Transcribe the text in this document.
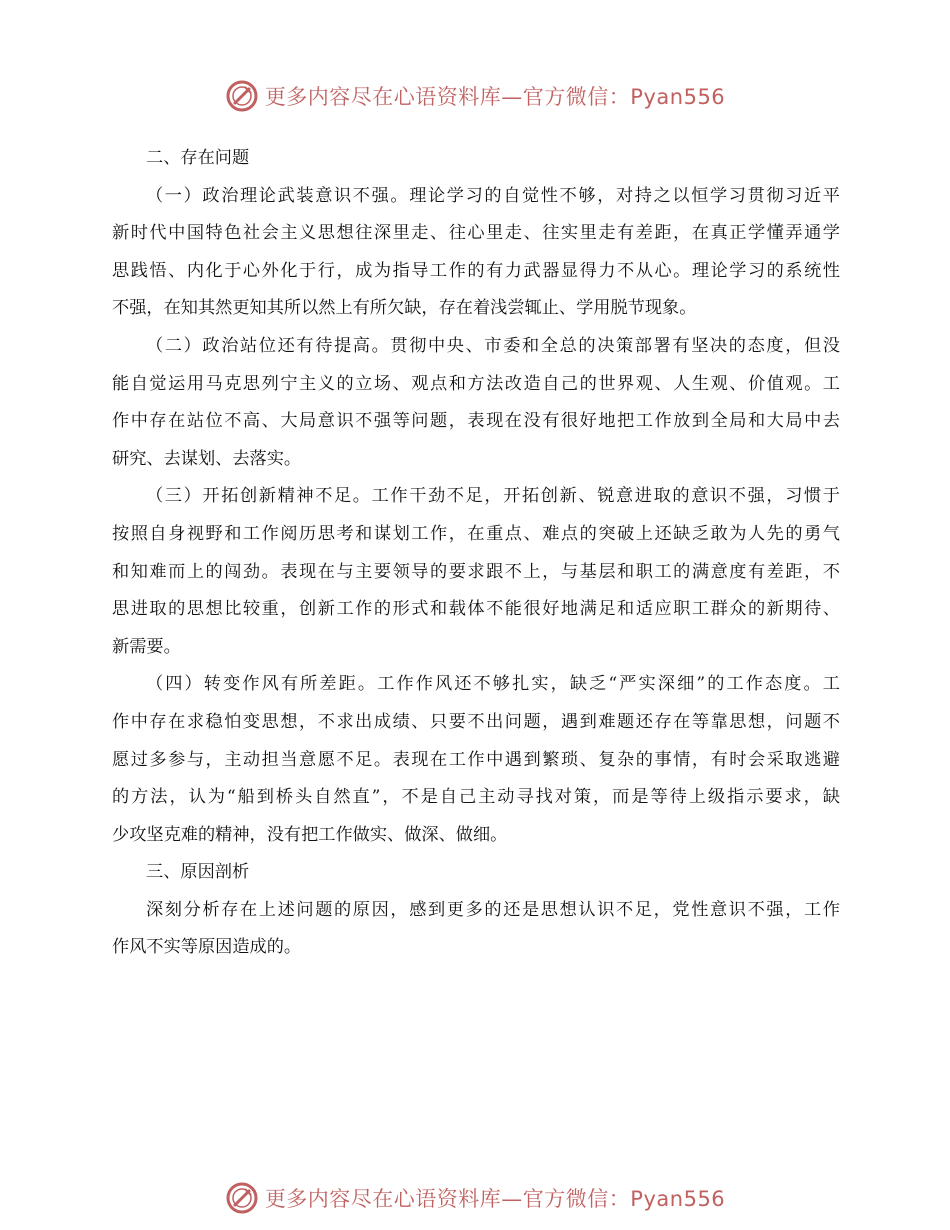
更多内容尽在心语资料库—官方微信：Pyan556
二、存在问题
（一）政治理论武装意识不强。理论学习的自觉性不够，对持之以恒学习贯彻习近平
新时代中国特色社会主义思想往深里走、往心里走、往实里走有差距，在真正学懂弄通学
思践悟、内化于心外化于行，成为指导工作的有力武器显得力不从心。理论学习的系统性
不强，在知其然更知其所以然上有所欠缺，存在着浅尝辄止、学用脱节现象。
（二）政治站位还有待提高。贯彻中央、市委和全总的决策部署有坚决的态度，但没
能自觉运用马克思列宁主义的立场、观点和方法改造自己的世界观、人生观、价值观。工
作中存在站位不高、大局意识不强等问题，表现在没有很好地把工作放到全局和大局中去
研究、去谋划、去落实。
（三）开拓创新精神不足。工作干劲不足，开拓创新、锐意进取的意识不强，习惯于
按照自身视野和工作阅历思考和谋划工作，在重点、难点的突破上还缺乏敢为人先的勇气
和知难而上的闯劲。表现在与主要领导的要求跟不上，与基层和职工的满意度有差距，不
思进取的思想比较重，创新工作的形式和载体不能很好地满足和适应职工群众的新期待、
新需要。
（四）转变作风有所差距。工作作风还不够扎实，缺乏“严实深细”的工作态度。工
作中存在求稳怕变思想，不求出成绩、只要不出问题，遇到难题还存在等靠思想，问题不
愿过多参与，主动担当意愿不足。表现在工作中遇到繁琐、复杂的事情，有时会采取逃避
的方法，认为“船到桥头自然直”，不是自己主动寻找对策，而是等待上级指示要求，缺
少攻坚克难的精神，没有把工作做实、做深、做细。
三、原因剖析
深刻分析存在上述问题的原因，感到更多的还是思想认识不足，党性意识不强，工作
作风不实等原因造成的。
更多内容尽在心语资料库—官方微信：Pyan556
